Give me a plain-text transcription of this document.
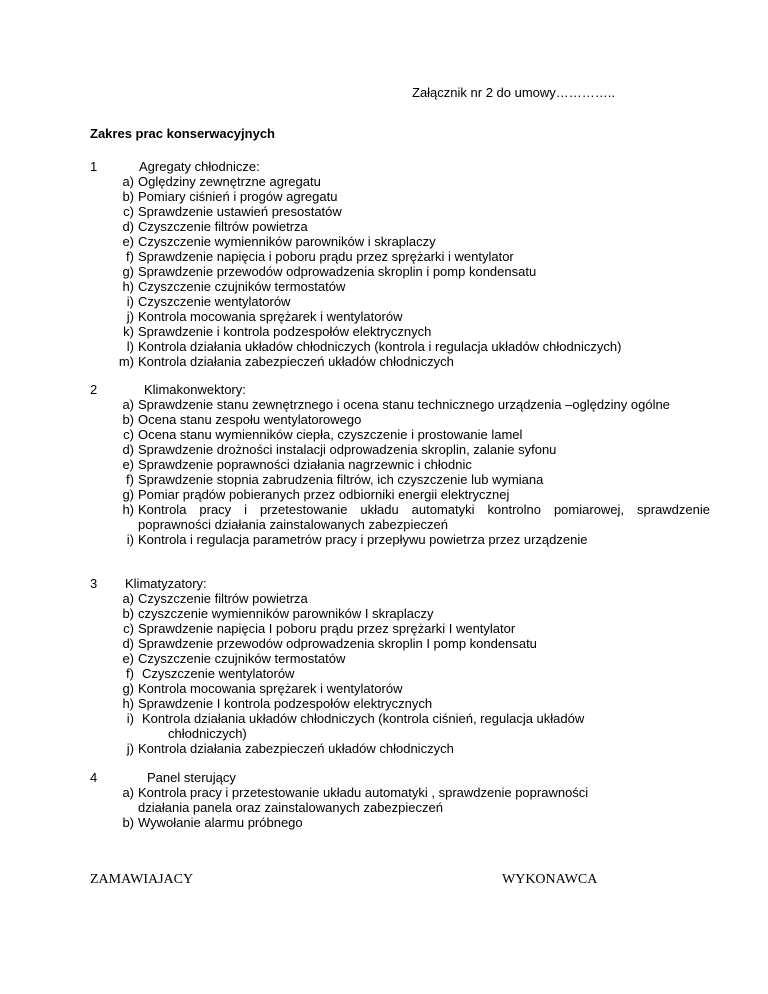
Załącznik nr 2 do umowy…………..
Zakres prac konserwacyjnych
1	Agregaty chłodnicze:
a) Oględziny zewnętrzne agregatu
b) Pomiary ciśnień i progów agregatu
c) Sprawdzenie ustawień presostatów
d) Czyszczenie filtrów powietrza
e) Czyszczenie wymienników parowników i skraplaczy
f) Sprawdzenie napięcia i poboru prądu przez sprężarki i wentylator
g) Sprawdzenie przewodów odprowadzenia skroplin i pomp kondensatu
h) Czyszczenie czujników termostatów
i) Czyszczenie wentylatorów
j) Kontrola mocowania sprężarek i wentylatorów
k) Sprawdzenie i kontrola podzespołów elektrycznych
l) Kontrola działania układów chłodniczych (kontrola i regulacja układów chłodniczych)
m) Kontrola działania zabezpieczeń układów chłodniczych
2	Klimakonwektory:
a) Sprawdzenie stanu zewnętrznego i ocena stanu technicznego urządzenia –oględziny ogólne
b) Ocena stanu zespołu wentylatorowego
c) Ocena stanu wymienników ciepła, czyszczenie i prostowanie lamel
d) Sprawdzenie drożności instalacji odprowadzenia skroplin, zalanie syfonu
e) Sprawdzenie poprawności działania nagrzewnic i chłodnic
f) Sprawdzenie stopnia zabrudzenia filtrów, ich czyszczenie lub wymiana
g) Pomiar prądów pobieranych przez odbiorniki energii elektrycznej
h) Kontrola pracy i przetestowanie układu automatyki kontrolno pomiarowej, sprawdzenie poprawności działania zainstalowanych zabezpieczeń
i) Kontrola i regulacja parametrów pracy i przepływu powietrza przez urządzenie
3 Klimatyzatory:
a) Czyszczenie filtrów powietrza
b) czyszczenie wymienników parowników I skraplaczy
c) Sprawdzenie napięcia I poboru prądu przez sprężarki I wentylator
d) Sprawdzenie przewodów odprowadzenia skroplin I pomp kondensatu
e) Czyszczenie czujników termostatów
f) Czyszczenie wentylatorów
g) Kontrola mocowania sprężarek i wentylatorów
h) Sprawdzenie I kontrola podzespołów elektrycznych
i) Kontrola działania układów chłodniczych (kontrola ciśnień, regulacja układów chłodniczych)
j) Kontrola działania zabezpieczeń układów chłodniczych
4	Panel sterujący
a) Kontrola pracy i przetestowanie układu automatyki , sprawdzenie poprawności działania panela oraz zainstalowanych zabezpieczeń
b) Wywołanie alarmu próbnego
ZAMAWIAJACY	WYKONAWCA
